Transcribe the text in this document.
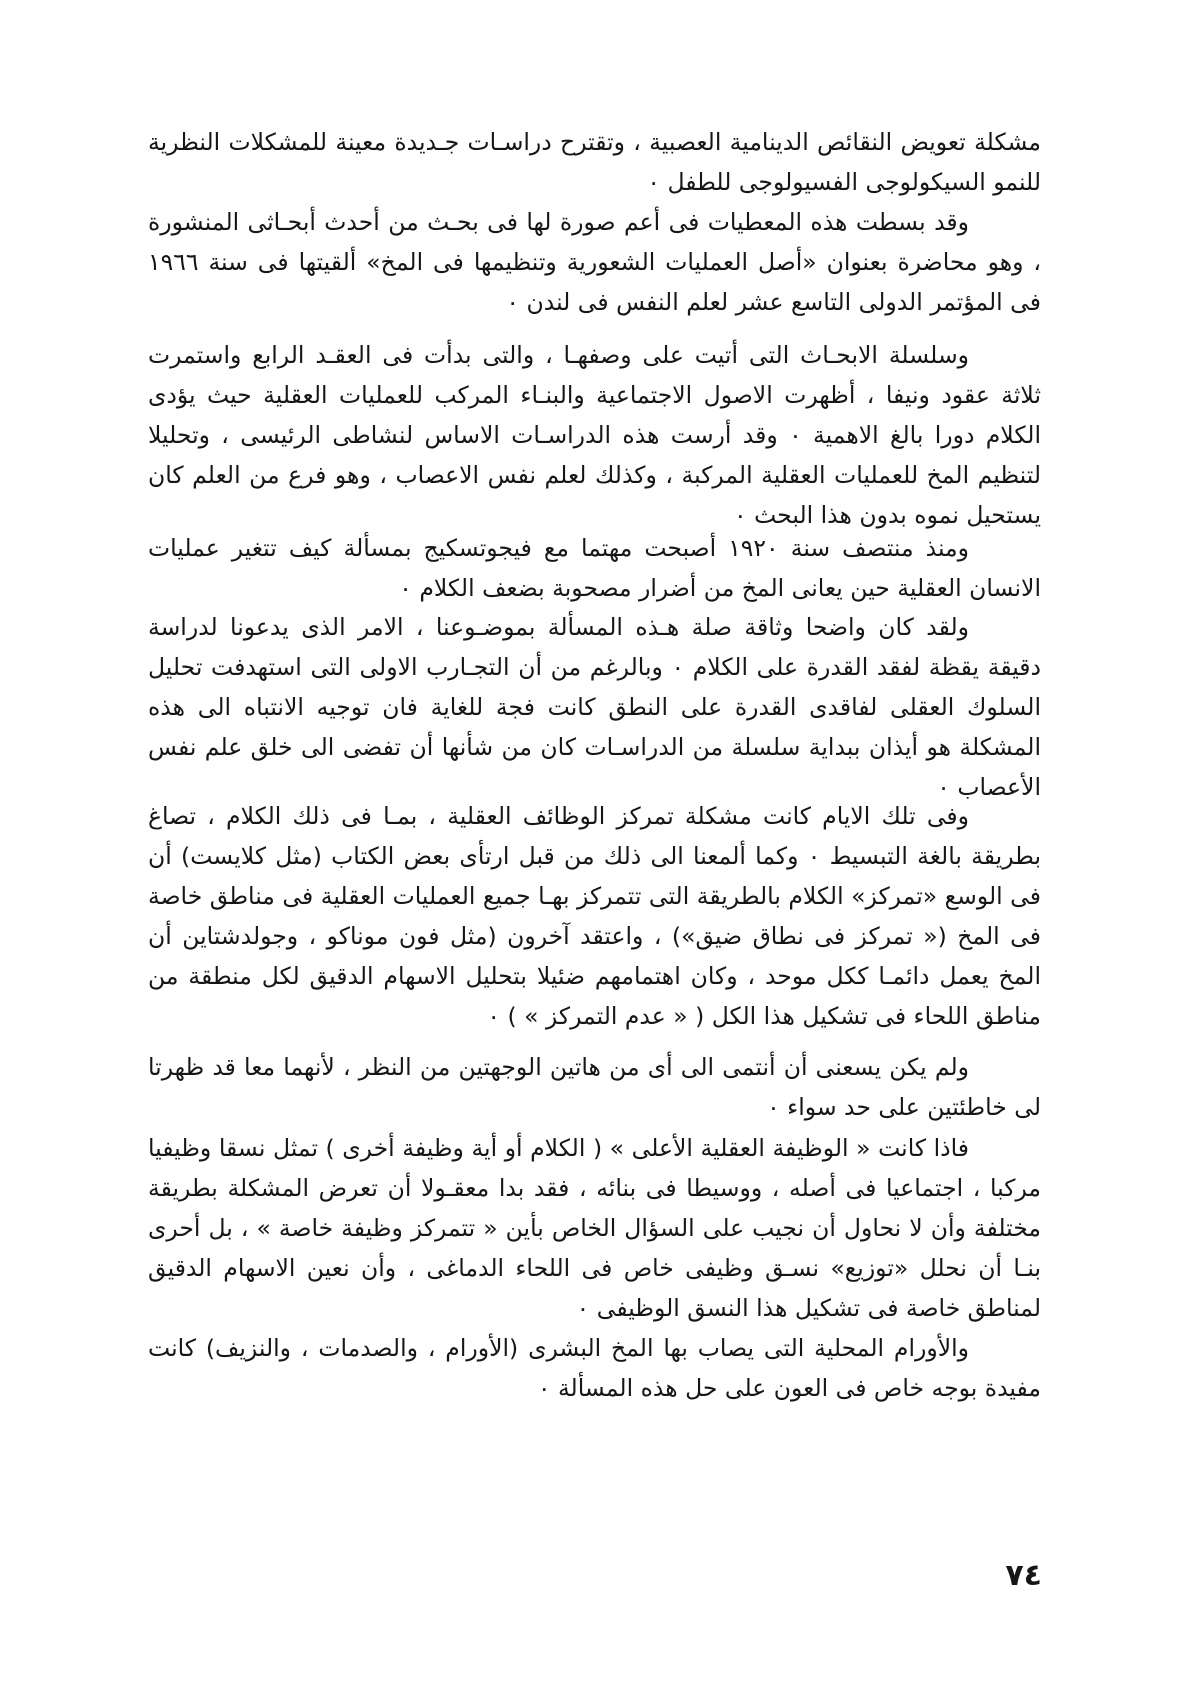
مشكلة تعويض النقائص الدينامية العصبية ، وتقترح دراسـات جـديدة معينة للمشكلات النظرية للنمو السيكولوجى الفسيولوجى للطفل ٠

وقد بسطت هذه المعطيات فى أعم صورة لها فى بحـث من أحدث أبحـاثى المنشورة ، وهو محاضرة بعنوان «أصل العمليات الشعورية وتنظيمها فى المخ» ألقيتها فى سنة ١٩٦٦ فى المؤتمر الدولى التاسع عشر لعلم النفس فى لندن ٠

وسلسلة الابحـاث التى أتيت على وصفهـا ، والتى بدأت فى العقـد الرابع واستمرت ثلاثة عقود ونيفا ، أظهرت الاصول الاجتماعية والبنـاء المركب للعمليات العقلية حيث يؤدى الكلام دورا بالغ الاهمية ٠ وقد أرست هذه الدراسـات الاساس لنشاطى الرئيسى ، وتحليلا لتنظيم المخ للعمليات العقلية المركبة ، وكذلك لعلم نفس الاعصاب ، وهو فرع من العلم كان يستحيل نموه بدون هذا البحث ٠

ومنذ منتصف سنة ١٩٢٠ أصبحت مهتما مع فيجوتسكيج بمسألة كيف تتغير عمليات الانسان العقلية حين يعانى المخ من أضرار مصحوبة بضعف الكلام ٠

ولقد كان واضحا وثاقة صلة هـذه المسألة بموضـوعنا ، الامر الذى يدعونا لدراسة دقيقة يقظة لفقد القدرة على الكلام ٠ وبالرغم من أن التجـارب الاولى التى استهدفت تحليل السلوك العقلى لفاقدى القدرة على النطق كانت فجة للغاية فان توجيه الانتباه الى هذه المشكلة هو أيذان ببداية سلسلة من الدراسـات كان من شأنها أن تفضى الى خلق علم نفس الأعصاب ٠

وفى تلك الايام كانت مشكلة تمركز الوظائف العقلية ، بمـا فى ذلك الكلام ، تصاغ بطريقة بالغة التبسيط ٠ وكما ألمعنا الى ذلك من قبل ارتأى بعض الكتاب (مثل كلايست) أن فى الوسع «تمركز» الكلام بالطريقة التى تتمركز بهـا جميع العمليات العقلية فى مناطق خاصة فى المخ (« تمركز فى نطاق ضيق») ، واعتقد آخرون (مثل فون موناكو ، وجولدشتاين أن المخ يعمل دائمـا ككل موحد ، وكان اهتمامهم ضئيلا بتحليل الاسهام الدقيق لكل منطقة من مناطق اللحاء فى تشكيل هذا الكل ( « عدم التمركز » ) ٠

ولم يكن يسعنى أن أنتمى الى أى من هاتين الوجهتين من النظر ، لأنهما معا قد ظهرتا لى خاطئتين على حد سواء ٠

فاذا كانت « الوظيفة العقلية الأعلى » ( الكلام أو أية وظيفة أخرى ) تمثل نسقا وظيفيا مركبا ، اجتماعيا فى أصله ، ووسيطا فى بنائه ، فقد بدا معقـولا أن تعرض المشكلة بطريقة مختلفة وأن لا نحاول أن نجيب على السؤال الخاص بأين « تتمركز وظيفة خاصة » ، بل أحرى بنـا أن نحلل «توزيع» نسـق وظيفى خاص فى اللحاء الدماغى ، وأن نعين الاسهام الدقيق لمناطق خاصة فى تشكيل هذا النسق الوظيفى ٠

والأورام المحلية التى يصاب بها المخ البشرى (الأورام ، والصدمات ، والنزيف) كانت مفيدة بوجه خاص فى العون على حل هذه المسألة ٠

٧٤
